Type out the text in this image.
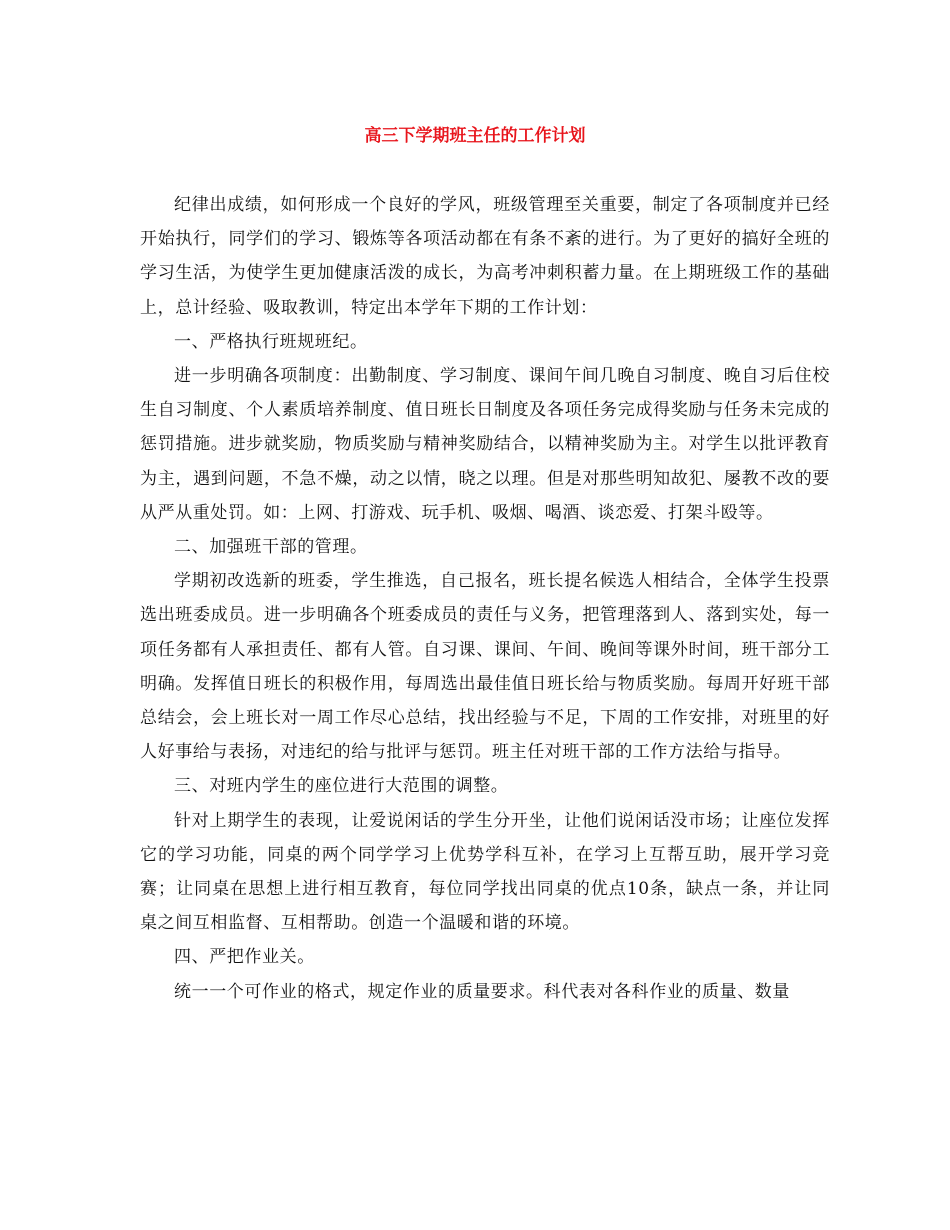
高三下学期班主任的工作计划

纪律出成绩，如何形成一个良好的学风，班级管理至关重要，制定了各项制度并已经开始执行，同学们的学习、锻炼等各项活动都在有条不紊的进行。为了更好的搞好全班的学习生活，为使学生更加健康活泼的成长，为高考冲刺积蓄力量。在上期班级工作的基础上，总计经验、吸取教训，特定出本学年下期的工作计划：

一、严格执行班规班纪。

进一步明确各项制度：出勤制度、学习制度、课间午间几晚自习制度、晚自习后住校生自习制度、个人素质培养制度、值日班长日制度及各项任务完成得奖励与任务未完成的惩罚措施。进步就奖励，物质奖励与精神奖励结合，以精神奖励为主。对学生以批评教育为主，遇到问题，不急不燥，动之以情，晓之以理。但是对那些明知故犯、屡教不改的要从严从重处罚。如：上网、打游戏、玩手机、吸烟、喝酒、谈恋爱、打架斗殴等。

二、加强班干部的管理。

学期初改选新的班委，学生推选，自己报名，班长提名候选人相结合，全体学生投票选出班委成员。进一步明确各个班委成员的责任与义务，把管理落到人、落到实处，每一项任务都有人承担责任、都有人管。自习课、课间、午间、晚间等课外时间，班干部分工明确。发挥值日班长的积极作用，每周选出最佳值日班长给与物质奖励。每周开好班干部总结会，会上班长对一周工作尽心总结，找出经验与不足，下周的工作安排，对班里的好人好事给与表扬，对违纪的给与批评与惩罚。班主任对班干部的工作方法给与指导。

三、对班内学生的座位进行大范围的调整。

针对上期学生的表现，让爱说闲话的学生分开坐，让他们说闲话没市场；让座位发挥它的学习功能，同桌的两个同学学习上优势学科互补，在学习上互帮互助，展开学习竞赛；让同桌在思想上进行相互教育，每位同学找出同桌的优点10条，缺点一条，并让同桌之间互相监督、互相帮助。创造一个温暖和谐的环境。

四、严把作业关。

统一一个可作业的格式，规定作业的质量要求。科代表对各科作业的质量、数量
